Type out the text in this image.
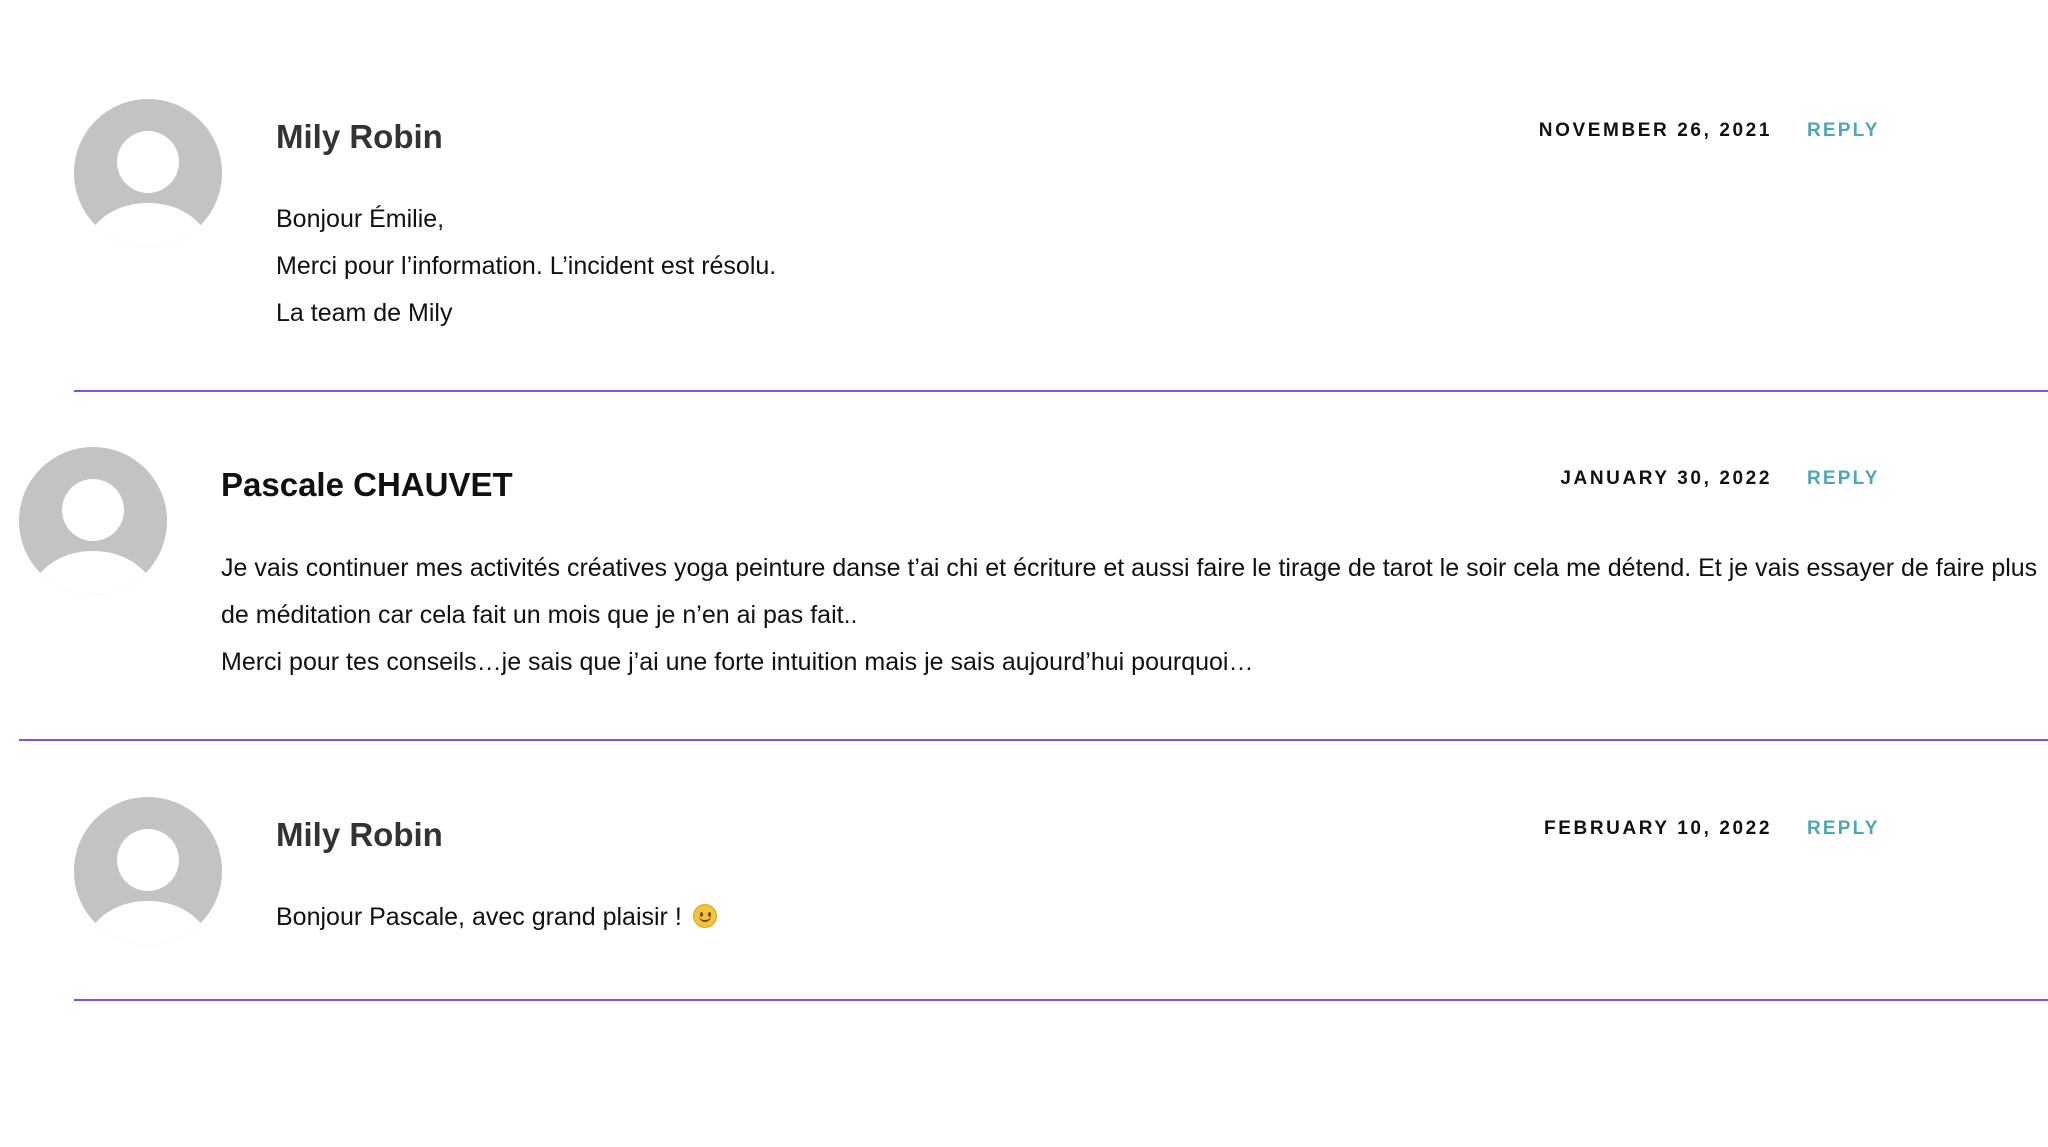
Mily Robin	NOVEMBER 26, 2021 REPLY

Bonjour Émilie,

Merci pour l’information. L’incident est résolu.

La team de Mily

Pascale CHAUVET	JANUARY 30, 2022 REPLY

Je vais continuer mes activités créatives yoga peinture danse t’ai chi et écriture et aussi faire le tirage de tarot le soir cela me détend. Et je vais essayer de faire plus de méditation car cela fait un mois que je n’en ai pas fait..

Merci pour tes conseils…je sais que j’ai une forte intuition mais je sais aujourd’hui pourquoi…

Mily Robin	FEBRUARY 10, 2022 REPLY

Bonjour Pascale, avec grand plaisir !
